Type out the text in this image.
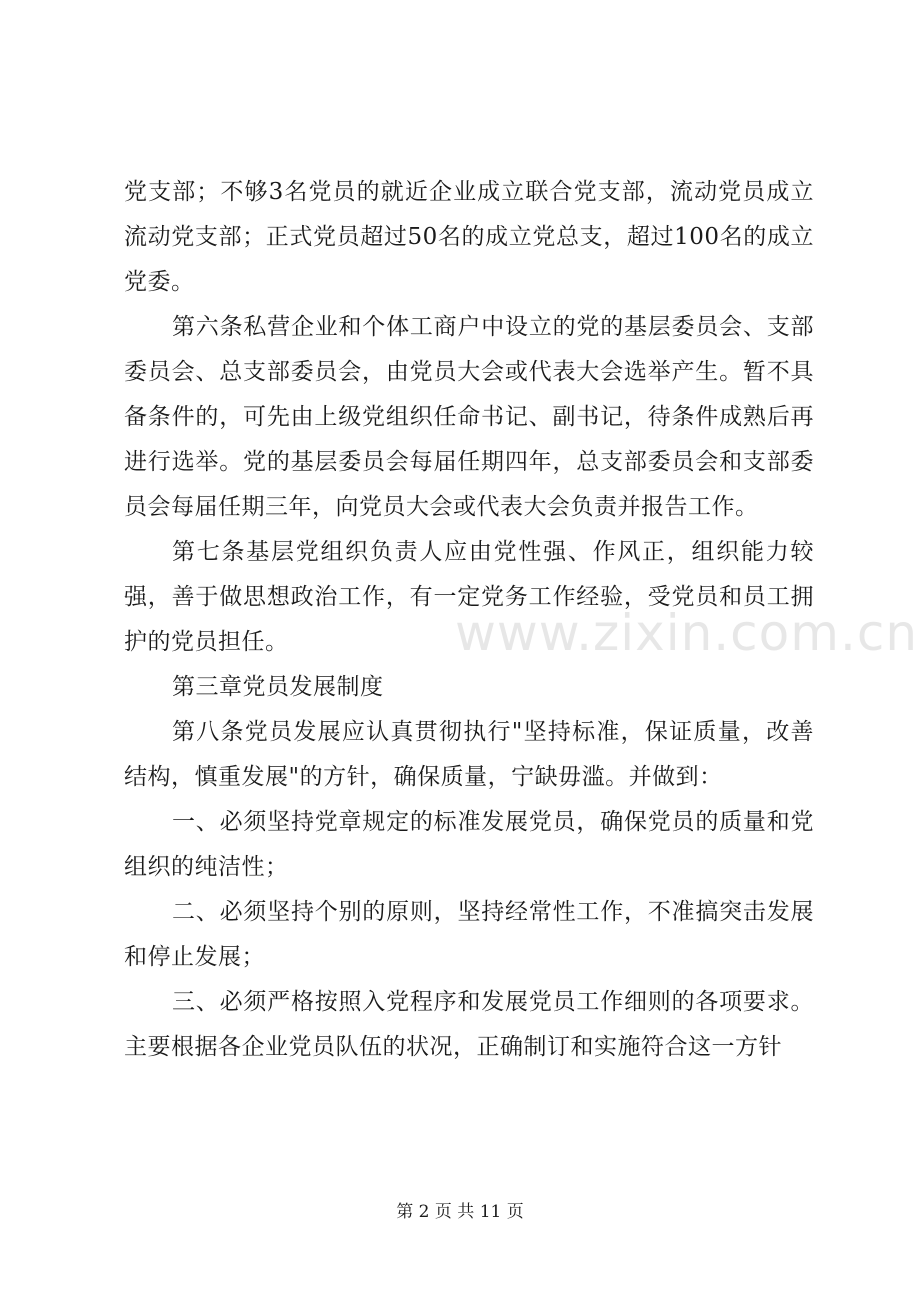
党支部；不够3名党员的就近企业成立联合党支部，流动党员成立流动党支部；正式党员超过50名的成立党总支，超过100名的成立党委。

第六条私营企业和个体工商户中设立的党的基层委员会、支部委员会、总支部委员会，由党员大会或代表大会选举产生。暂不具备条件的，可先由上级党组织任命书记、副书记，待条件成熟后再进行选举。党的基层委员会每届任期四年，总支部委员会和支部委员会每届任期三年，向党员大会或代表大会负责并报告工作。

第七条基层党组织负责人应由党性强、作风正，组织能力较强，善于做思想政治工作，有一定党务工作经验，受党员和员工拥护的党员担任。

第三章党员发展制度

第八条党员发展应认真贯彻执行"坚持标准，保证质量，改善结构，慎重发展"的方针，确保质量，宁缺毋滥。并做到：

一、必须坚持党章规定的标准发展党员，确保党员的质量和党组织的纯洁性；

二、必须坚持个别的原则，坚持经常性工作，不准搞突击发展和停止发展；

三、必须严格按照入党程序和发展党员工作细则的各项要求。主要根据各企业党员队伍的状况，正确制订和实施符合这一方针

www.zixin.com.cn
第 2 页 共 11 页
